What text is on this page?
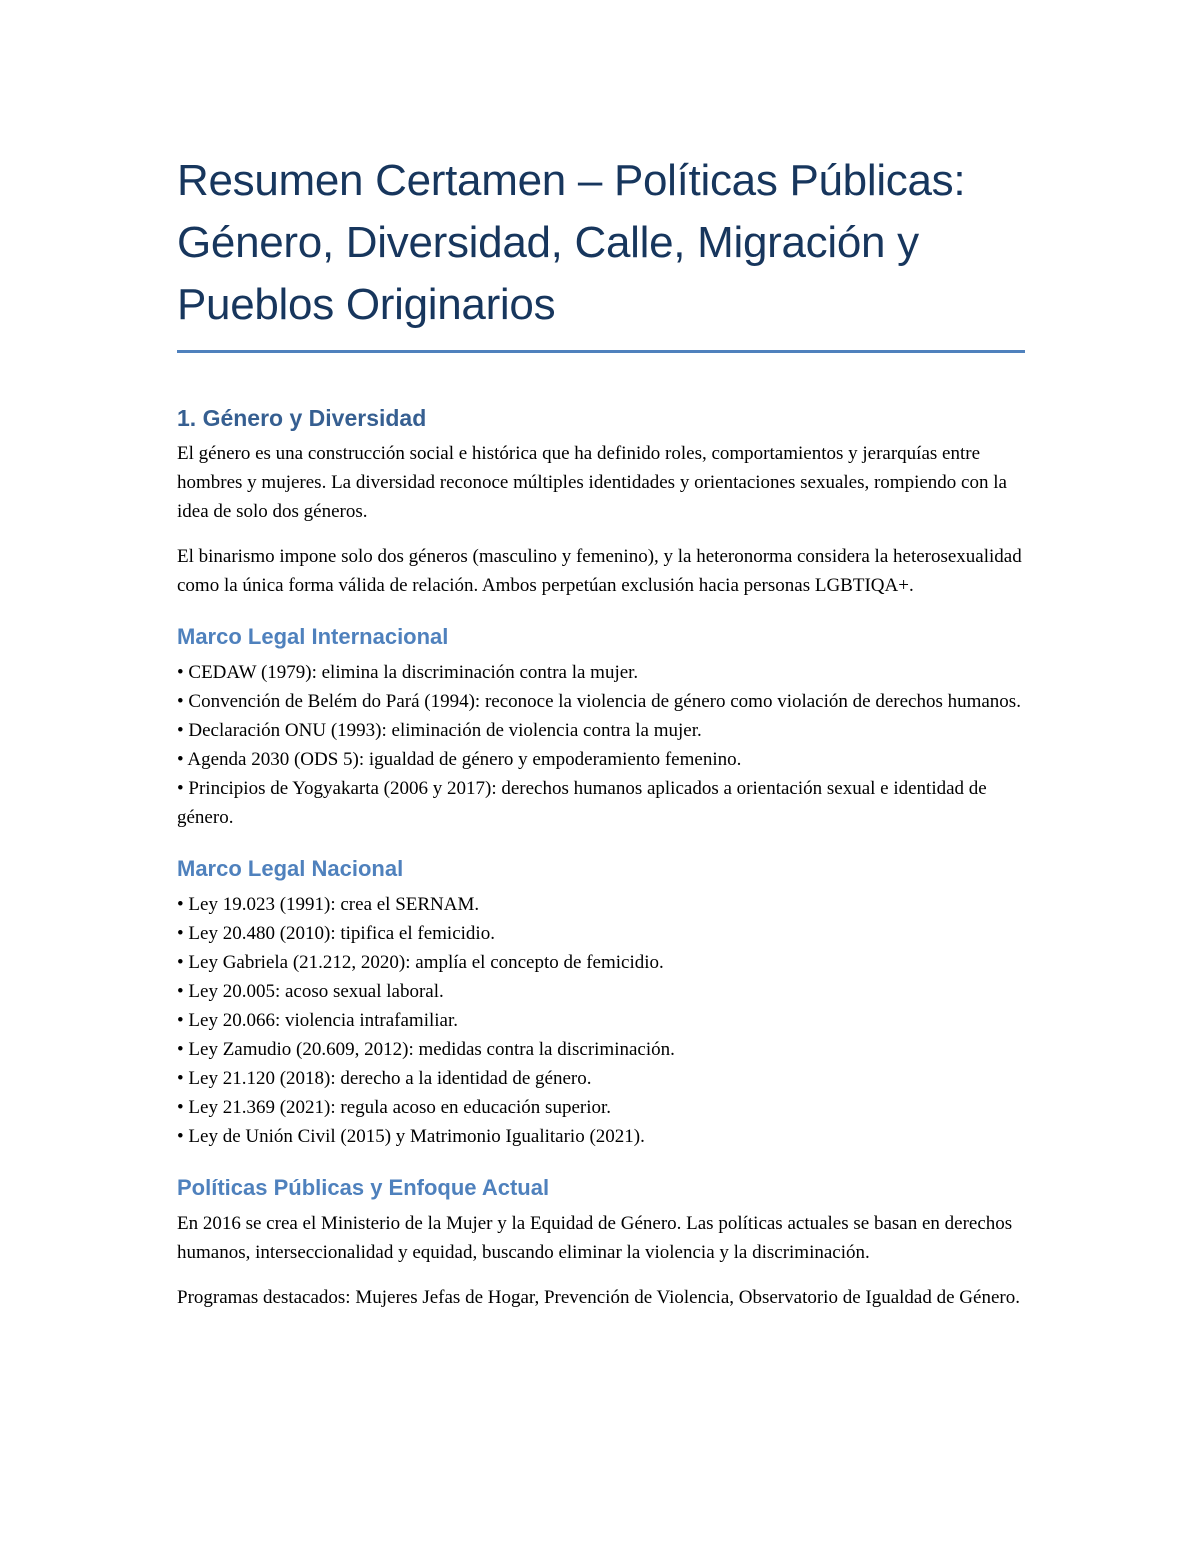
Resumen Certamen – Políticas Públicas:
Género, Diversidad, Calle, Migración y
Pueblos Originarios
1. Género y Diversidad

El género es una construcción social e histórica que ha definido roles, comportamientos y jerarquías entre hombres y mujeres. La diversidad reconoce múltiples identidades y orientaciones sexuales, rompiendo con la idea de solo dos géneros.

El binarismo impone solo dos géneros (masculino y femenino), y la heteronorma considera la heterosexualidad como la única forma válida de relación. Ambos perpetúan exclusión hacia personas LGBTIQA+.

Marco Legal Internacional
• CEDAW (1979): elimina la discriminación contra la mujer.
• Convención de Belém do Pará (1994): reconoce la violencia de género como violación de derechos humanos.
• Declaración ONU (1993): eliminación de violencia contra la mujer.
• Agenda 2030 (ODS 5): igualdad de género y empoderamiento femenino.
• Principios de Yogyakarta (2006 y 2017): derechos humanos aplicados a orientación sexual e identidad de género.
Marco Legal Nacional
• Ley 19.023 (1991): crea el SERNAM.
• Ley 20.480 (2010): tipifica el femicidio.
• Ley Gabriela (21.212, 2020): amplía el concepto de femicidio.
• Ley 20.005: acoso sexual laboral.
• Ley 20.066: violencia intrafamiliar.
• Ley Zamudio (20.609, 2012): medidas contra la discriminación.
• Ley 21.120 (2018): derecho a la identidad de género.
• Ley 21.369 (2021): regula acoso en educación superior.
• Ley de Unión Civil (2015) y Matrimonio Igualitario (2021).
Políticas Públicas y Enfoque Actual

En 2016 se crea el Ministerio de la Mujer y la Equidad de Género. Las políticas actuales se basan en derechos humanos, interseccionalidad y equidad, buscando eliminar la violencia y la discriminación.

Programas destacados: Mujeres Jefas de Hogar, Prevención de Violencia, Observatorio de Igualdad de Género.
